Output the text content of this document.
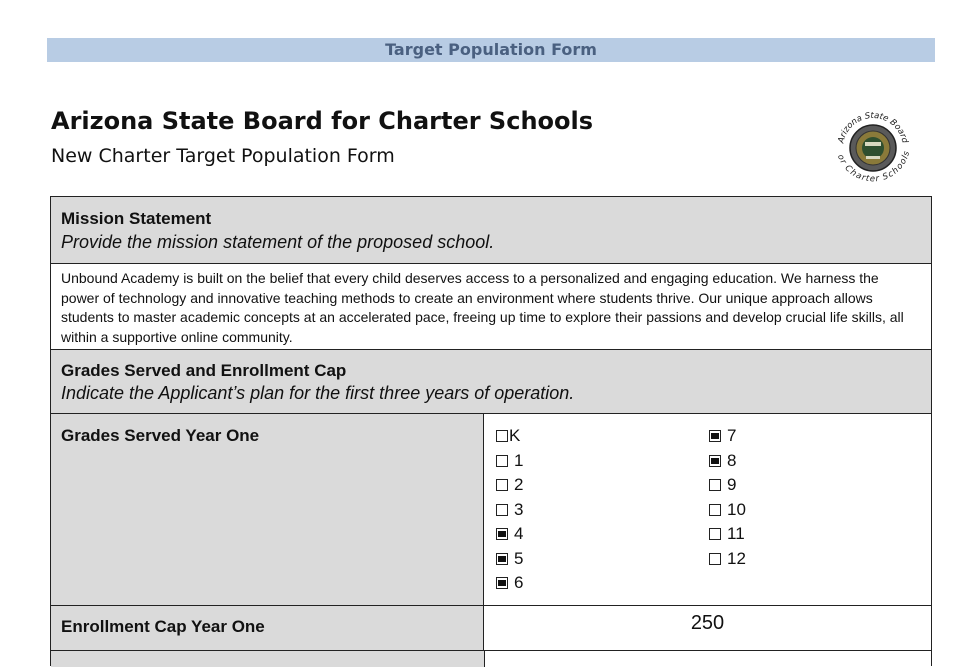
Target Population Form
Arizona State Board for Charter Schools
New Charter Target Population Form
Arizona State Board
or Charter Schools
Mission Statement
Provide the mission statement of the proposed school.
Unbound Academy is built on the belief that every child deserves access to a personalized and engaging education. We harness the power of technology and innovative teaching methods to create an environment where students thrive. Our unique approach allows students to master academic concepts at an accelerated pace, freeing up time to explore their passions and develop crucial life skills, all within a supportive online community.
Grades Served and Enrollment Cap
Indicate the Applicant’s plan for the first three years of operation.
Grades Served Year One	K
1
2
3
4
5
6
7
8
9
10
11
12
Enrollment Cap Year One	250
